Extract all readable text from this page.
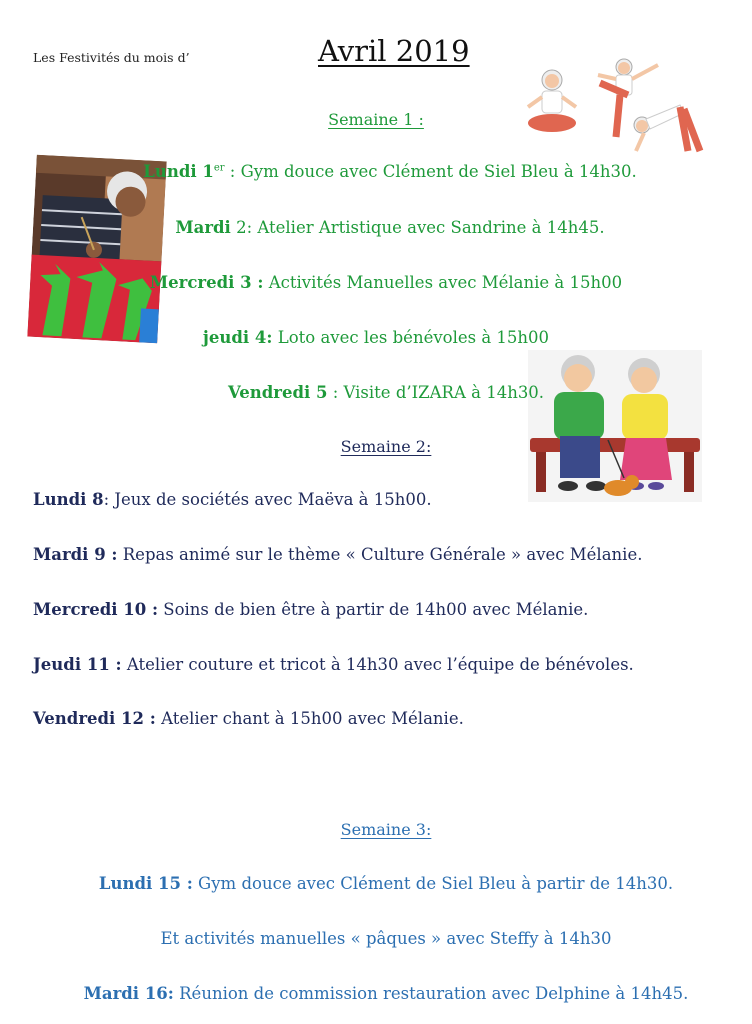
Les Festivités du mois d’	Avril 2019
Semaine 1 :
Lundi 1er : Gym douce avec Clément de Siel Bleu à 14h30.
Mardi 2: Atelier Artistique avec Sandrine à 14h45.
Mercredi 3 : Activités Manuelles avec Mélanie à 15h00
jeudi 4: Loto avec les bénévoles à 15h00
Vendredi 5 : Visite d’IZARA à 14h30.
Semaine 2:
Lundi 8: Jeux de sociétés avec Maëva à 15h00.
Mardi 9 : Repas animé sur le thème « Culture Générale » avec Mélanie.
Mercredi 10 : Soins de bien être à partir de 14h00 avec Mélanie.
Jeudi 11 : Atelier couture et tricot à 14h30 avec l’équipe de bénévoles.
Vendredi 12 : Atelier chant à 15h00 avec Mélanie.
Semaine 3:
Lundi 15 : Gym douce avec Clément de Siel Bleu à partir de 14h30.
Et activités manuelles « pâques » avec Steffy à 14h30
Mardi 16: Réunion de commission restauration avec Delphine à 14h45.
